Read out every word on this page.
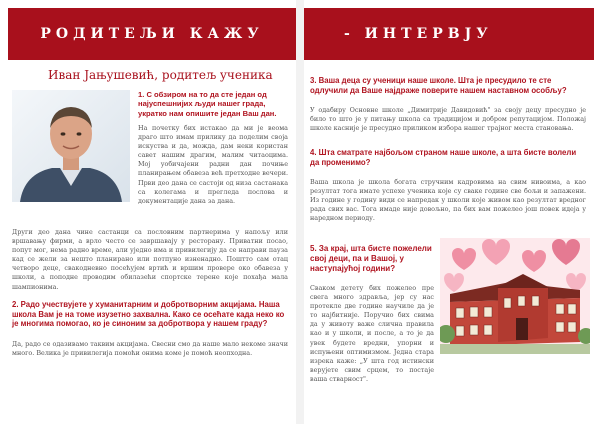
РОДИТЕЉИ КАЖУ
Иван Јањушевић, родитељ ученика
1. С обзиром на то да сте један од најуспешнијих људи нашег града, укратко нам опишите један Ваш дан.
На почетку бих истакао да ми је веома драго што имам прилику да поделим своја искуства и да, можда, дам неки користан савет нашим драгим, малим читаоцима. Мој уобичајени радни дан почиње планирањем обавеза већ претходне вечери. Први део дана се састоји од низа састанака са колегама и прегледа послова и документације дана за дана.
Други део дана чине састанци са пословним партнерима у напољу или вршавању фирми, а врло често се завршавају у ресторану. Приватни посао, попут мог, нема радно време, али уједно има и привилегију да се направи пауза кад се жели за нешто планирано или потпуно изненадно. Поштто сам отац четворо деце, свакодневно посећујем вртић и вршим провере око обавеза у школи, а поподне проводим обилазећи спортске терене које похађа мала шампионима.
2. Радо учествујете у хуманитарним и добротворним акцијама. Наша школа Вам је на томе изузетно захвална. Како се осећате када неко ко је многима помогао, ко је синоним за добротвора у нашем граду?
Да, радо се одазивамо таквим акцијама. Свесни смо да наше мало некоме значи много. Велика је привилегија помоћи онима коме је помоћ неопходна.
- ИНТЕРВЈУ
3. Ваша деца су ученици наше школе. Шта је пресудило те сте одлучили да Ваше најдраже поверите нашем наставном особљу?
У одабиру Основне школе „Димитрије Давидовић" за своју децу пресудно је било то што је у питању школа са традицијом и добром репутацијом. Положај школе касније је пресудно приликом избора нашег трајног места становања.
4. Шта сматрате најбољом страном наше школе, а шта бисте волели да променимо?
Ваша школа је школа богата стручним кадровима на свим нивоима, а као резултат тога имате успехе ученика које су свакe године све бољи и запажени. Из године у годину види се напредак у школи које живом као резултат вредног рада свих вас. Тога имаде није довољно, па бих вам пожелео још повек идеја у наредном периоду.
5. За крај, шта бисте пожелели свој деци, па и Вашој, у наступајућој години?
Сваком детету бих пожелео пре свега много здравља, јер су нас протекле две године научиле да је то најбитније. Поручио бих свима да у животу важе слична правила као и у школи, и после, а то је да увек будете вредни, упорни и испуњени оптимизмом. Једна стара изрека каже: „У шта год истински верујете свим срцем, то постаје ваша стварност".
